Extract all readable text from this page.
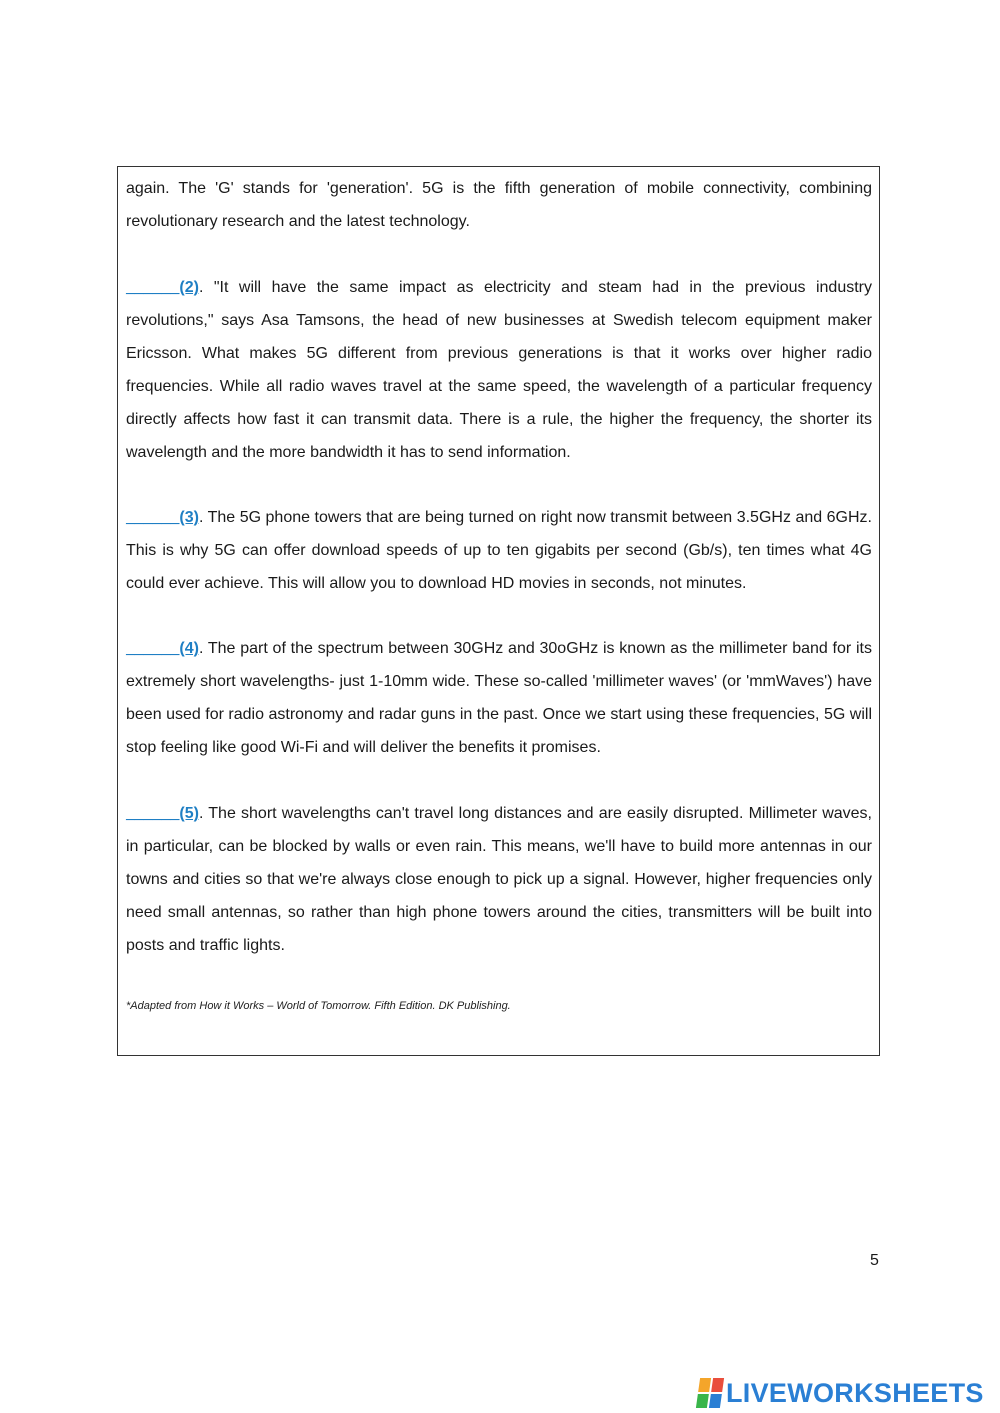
again. The 'G' stands for 'generation'. 5G is the fifth generation of mobile connectivity, combining revolutionary research and the latest technology.

______(2). "It will have the same impact as electricity and steam had in the previous industry revolutions," says Asa Tamsons, the head of new businesses at Swedish telecom equipment maker Ericsson. What makes 5G different from previous generations is that it works over higher radio frequencies. While all radio waves travel at the same speed, the wavelength of a particular frequency directly affects how fast it can transmit data. There is a rule, the higher the frequency, the shorter its wavelength and the more bandwidth it has to send information.

______(3). The 5G phone towers that are being turned on right now transmit between 3.5GHz and 6GHz. This is why 5G can offer download speeds of up to ten gigabits per second (Gb/s), ten times what 4G could ever achieve. This will allow you to download HD movies in seconds, not minutes.

______(4). The part of the spectrum between 30GHz and 30oGHz is known as the millimeter band for its extremely short wavelengths- just 1-10mm wide. These so-called 'millimeter waves' (or 'mmWaves') have been used for radio astronomy and radar guns in the past. Once we start using these frequencies, 5G will stop feeling like good Wi-Fi and will deliver the benefits it promises.

______(5). The short wavelengths can't travel long distances and are easily disrupted. Millimeter waves, in particular, can be blocked by walls or even rain. This means, we'll have to build more antennas in our towns and cities so that we're always close enough to pick up a signal. However, higher frequencies only need small antennas, so rather than high phone towers around the cities, transmitters will be built into posts and traffic lights.

*Adapted from How it Works – World of Tomorrow. Fifth Edition. DK Publishing.

5
LIVEWORKSHEETS
